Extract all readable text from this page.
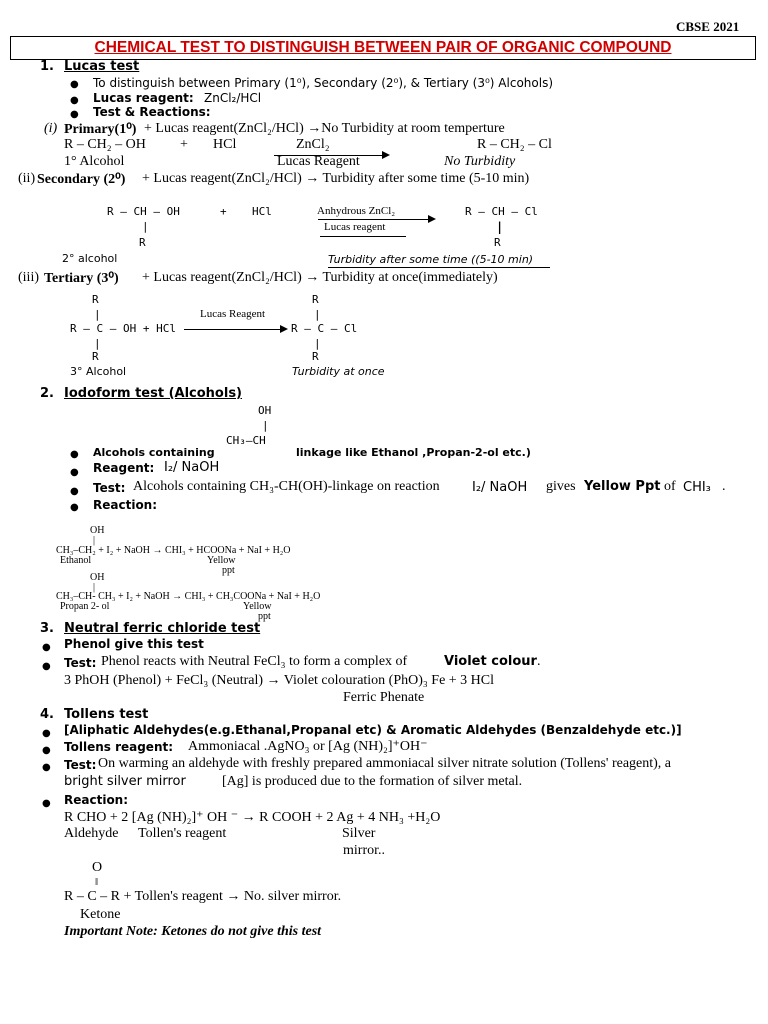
CBSE 2021
CHEMICAL TEST TO DISTINGUISH BETWEEN PAIR OF ORGANIC COMPOUND
1. Lucas test
● To distinguish between Primary (1⁰), Secondary (2⁰), & Tertiary (3⁰) Alcohols)
● Lucas reagent: ZnCl₂/HCl
● Test & Reactions:
(i) Primary(1⁰) + Lucas reagent(ZnCl₂/HCl) →No Turbidity at room temperture
R – CH₂ – OH + HCl	ZnCl₂	R – CH₂ – Cl
1° Alcohol	Lucas Reagent	No Turbidity
(ii) Secondary (2⁰) + Lucas reagent(ZnCl₂/HCl) → Turbidity after some time (5-10 min)
R – CH – OH	+ HCl	Anhydrous ZnCl₂
Lucas reagent
R – CH – Cl
|
R
|
R
2° alcohol	Turbidity after some time ((5-10 min)
(iii) Tertiary (3⁰) + Lucas reagent(ZnCl₂/HCl) → Turbidity at once(immediately)
R
|
R – C – OH + HCl
|
R
3° Alcohol
Lucas Reagent
R
|
R – C – Cl
|
R
Turbidity at once
2. Iodoform test (Alcohols)
OH
|
CH₃–CH
● Alcohols containing	linkage like Ethanol ,Propan-2-ol etc.)
● Reagent: I₂/ NaOH
● Test: Alcohols containing CH₃-CH(OH)-linkage on reaction I₂/ NaOH gives Yellow Ppt of CHI₃ .
● Reaction:
OH
|
CH₃–CH₂ + I₂ + NaOH → CHI₃ + HCOONa + NaI + H₂O
Ethanol	Yellow
ppt
OH
|
CH₃–CH- CH₃ + I₂ + NaOH → CHI₃ + CH₃COONa + NaI + H₂O
Propan 2- ol	Yellow
ppt
3. Neutral ferric chloride test
● Phenol give this test
● Test: Phenol reacts with Neutral FeCl₃ to form a complex of	Violet colour .
3 PhOH (Phenol) + FeCl₃ (Neutral) → Violet colouration (PhO)₃ Fe + 3 HCl
Ferric Phenate
4. Tollens test
● [Aliphatic Aldehydes(e.g.Ethanal,Propanal etc) & Aromatic Aldehydes (Benzaldehyde etc.)]
● Tollens reagent: Ammoniacal .AgNO₃ or [Ag (NH)₂]⁺OH⁻
● Test: On warming an aldehyde with freshly prepared ammoniacal silver nitrate solution (Tollens' reagent), a
bright silver mirror	[Ag] is produced due to the formation of silver metal.
● Reaction:
R CHO + 2 [Ag (NH)₂]⁺ OH ⁻ → R COOH + 2 Ag + 4 NH₃ +H₂O
Aldehyde Tollen's reagent	Silver
mirror..
O
‖
R – C – R + Tollen's reagent → No. silver mirror.
Ketone
Important Note: Ketones do not give this test
